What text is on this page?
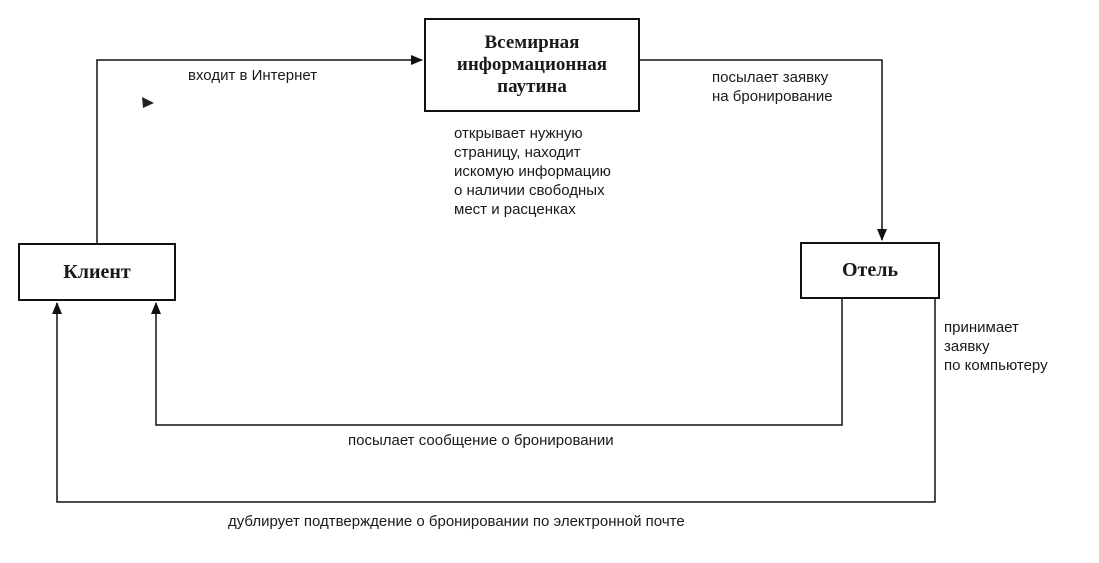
Всемирная
информационная
паутина
Клиент	Отель
входит в Интернет	посылает заявку
на бронирование
открывает нужную
страницу, находит
искомую информацию
о наличии свободных
мест и расценках
принимает
заявку
по компьютеру
посылает сообщение о бронировании
дублирует подтверждение о бронировании по электронной почте
